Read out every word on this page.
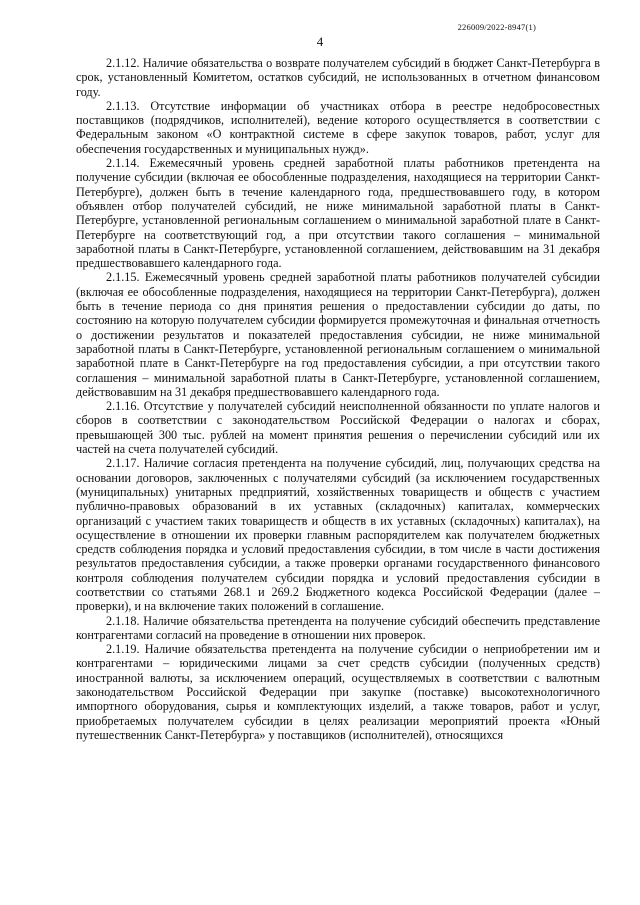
226009/2022-8947(1)
4

2.1.12. Наличие обязательства о возврате получателем субсидий в бюджет Санкт-Петербурга в срок, установленный Комитетом, остатков субсидий, не использованных в отчетном финансовом году.

2.1.13. Отсутствие информации об участниках отбора в реестре недобросовестных поставщиков (подрядчиков, исполнителей), ведение которого осуществляется в соответствии с Федеральным законом «О контрактной системе в сфере закупок товаров, работ, услуг для обеспечения государственных и муниципальных нужд».

2.1.14. Ежемесячный уровень средней заработной платы работников претендента на получение субсидии (включая ее обособленные подразделения, находящиеся на территории Санкт-Петербурге), должен быть в течение календарного года, предшествовавшего году, в котором объявлен отбор получателей субсидий, не ниже минимальной заработной платы в Санкт-Петербурге, установленной региональным соглашением о минимальной заработной плате в Санкт-Петербурге на соответствующий год, а при отсутствии такого соглашения – минимальной заработной платы в Санкт-Петербурге, установленной соглашением, действовавшим на 31 декабря предшествовавшего календарного года.

2.1.15. Ежемесячный уровень средней заработной платы работников получателей субсидии (включая ее обособленные подразделения, находящиеся на территории Санкт-Петербурга), должен быть в течение периода со дня принятия решения о предоставлении субсидии до даты, по состоянию на которую получателем субсидии формируется промежуточная и финальная отчетность о достижении результатов и показателей предоставления субсидии, не ниже минимальной заработной платы в Санкт-Петербурге, установленной региональным соглашением о минимальной заработной плате в Санкт-Петербурге на год предоставления субсидии, а при отсутствии такого соглашения – минимальной заработной платы в Санкт-Петербурге, установленной соглашением, действовавшим на 31 декабря предшествовавшего календарного года.

2.1.16. Отсутствие у получателей субсидий неисполненной обязанности по уплате налогов и сборов в соответствии с законодательством Российской Федерации о налогах и сборах, превышающей 300 тыс. рублей на момент принятия решения о перечислении субсидий или их частей на счета получателей субсидий.

2.1.17. Наличие согласия претендента на получение субсидий, лиц, получающих средства на основании договоров, заключенных с получателями субсидий (за исключением государственных (муниципальных) унитарных предприятий, хозяйственных товариществ и обществ с участием публично-правовых образований в их уставных (складочных) капиталах, коммерческих организаций с участием таких товариществ и обществ в их уставных (складочных) капиталах), на осуществление в отношении их проверки главным распорядителем как получателем бюджетных средств соблюдения порядка и условий предоставления субсидии, в том числе в части достижения результатов предоставления субсидии, а также проверки органами государственного финансового контроля соблюдения получателем субсидии порядка и условий предоставления субсидии в соответствии со статьями 268.1 и 269.2 Бюджетного кодекса Российской Федерации (далее – проверки), и на включение таких положений в соглашение.

2.1.18. Наличие обязательства претендента на получение субсидий обеспечить представление контрагентами согласий на проведение в отношении них проверок.

2.1.19. Наличие обязательства претендента на получение субсидии о неприобретении им и контрагентами – юридическими лицами за счет средств субсидии (полученных средств) иностранной валюты, за исключением операций, осуществляемых в соответствии с валютным законодательством Российской Федерации при закупке (поставке) высокотехнологичного импортного оборудования, сырья и комплектующих изделий, а также товаров, работ и услуг, приобретаемых получателем субсидии в целях реализации мероприятий проекта «Юный путешественник Санкт-Петербурга» у поставщиков (исполнителей), относящихся
